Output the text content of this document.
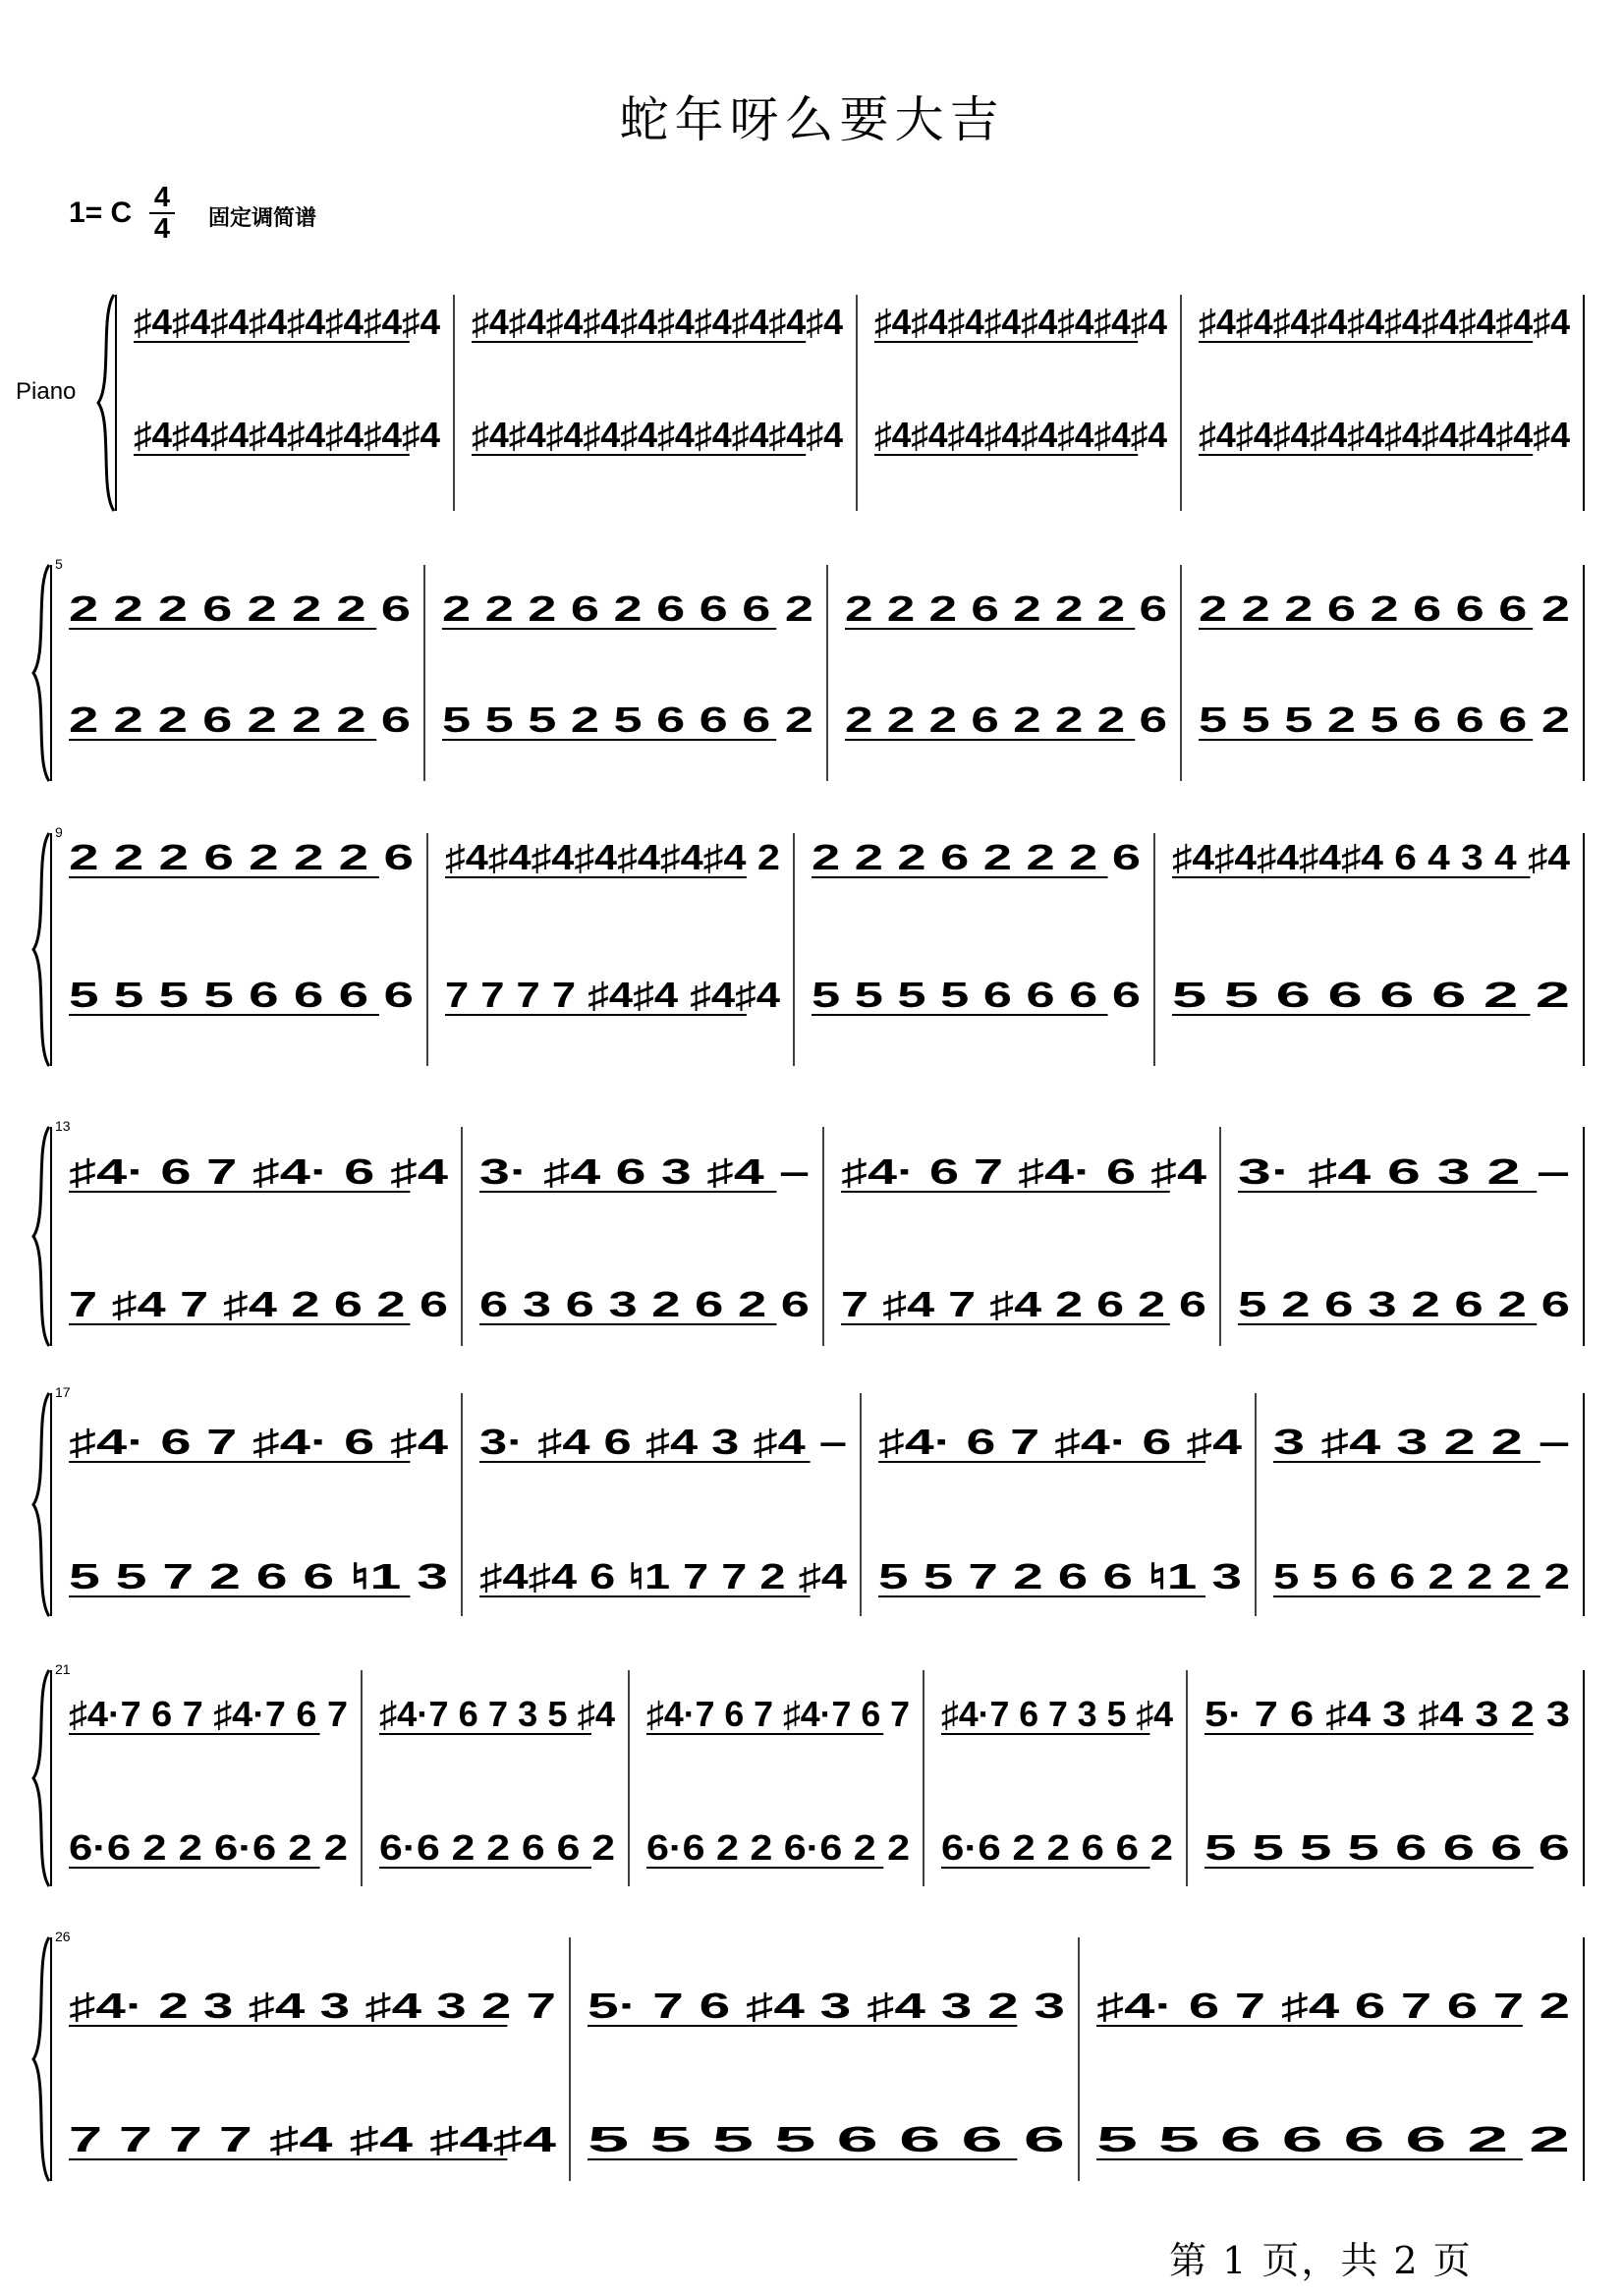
蛇年呀么要大吉
1= C 4
4 固定调简谱
Piano
♯4♯4♯4♯4♯4♯4♯4♯4
♯4♯4♯4♯4♯4♯4♯4♯4
♯4♯4♯4♯4♯4♯4♯4♯4♯4♯4
♯4♯4♯4♯4♯4♯4♯4♯4♯4♯4
♯4♯4♯4♯4♯4♯4♯4♯4
♯4♯4♯4♯4♯4♯4♯4♯4
♯4♯4♯4♯4♯4♯4♯4♯4♯4♯4
♯4♯4♯4♯4♯4♯4♯4♯4♯4♯4
5
2 2 2 6 2 2 2 6
2 2 2 6 2 2 2 6
2 2 2 6 2 6 6 6 2
5 5 5 2 5 6 6 6 2
2 2 2 6 2 2 2 6
2 2 2 6 2 2 2 6
2 2 2 6 2 6 6 6 2
5 5 5 2 5 6 6 6 2
9
2 2 2 6 2 2 2 6
5 5 5 5 6 6 6 6
♯4♯4♯4♯4♯4♯4♯4 2
7 7 7 7 ♯4♯4 ♯4♯4
2 2 2 6 2 2 2 6
5 5 5 5 6 6 6 6
♯4♯4♯4♯4♯4 6 4 3 4 ♯4
5 5 6 6 6 6 2 2
13
♯4· 6 7 ♯4· 6 ♯4
7 ♯4 7 ♯4 2 6 2 6
3· ♯4 6 3 ♯4 –
6 3 6 3 2 6 2 6
♯4· 6 7 ♯4· 6 ♯4
7 ♯4 7 ♯4 2 6 2 6
3· ♯4 6 3 2 –
5 2 6 3 2 6 2 6
17
♯4· 6 7 ♯4· 6 ♯4
5 5 7 2 6 6 ♮1 3
3· ♯4 6 ♯4 3 ♯4 –
♯4♯4 6 ♮1 7 7 2 ♯4
♯4· 6 7 ♯4· 6 ♯4
5 5 7 2 6 6 ♮1 3
3 ♯4 3 2 2 –
5 5 6 6 2 2 2 2
21
♯4·7 6 7 ♯4·7 6 7
6·6 2 2 6·6 2 2
♯4·7 6 7 3 5 ♯4
6·6 2 2 6 6 2
♯4·7 6 7 ♯4·7 6 7
6·6 2 2 6·6 2 2
♯4·7 6 7 3 5 ♯4
6·6 2 2 6 6 2
5· 7 6 ♯4 3 ♯4 3 2 3
5 5 5 5 6 6 6 6
26
♯4· 2 3 ♯4 3 ♯4 3 2 7
7 7 7 7 ♯4 ♯4 ♯4♯4
5· 7 6 ♯4 3 ♯4 3 2 3
5 5 5 5 6 6 6 6
♯4· 6 7 ♯4 6 7 6 7 2
5 5 6 6 6 6 2 2
第 1 页，共 2 页
